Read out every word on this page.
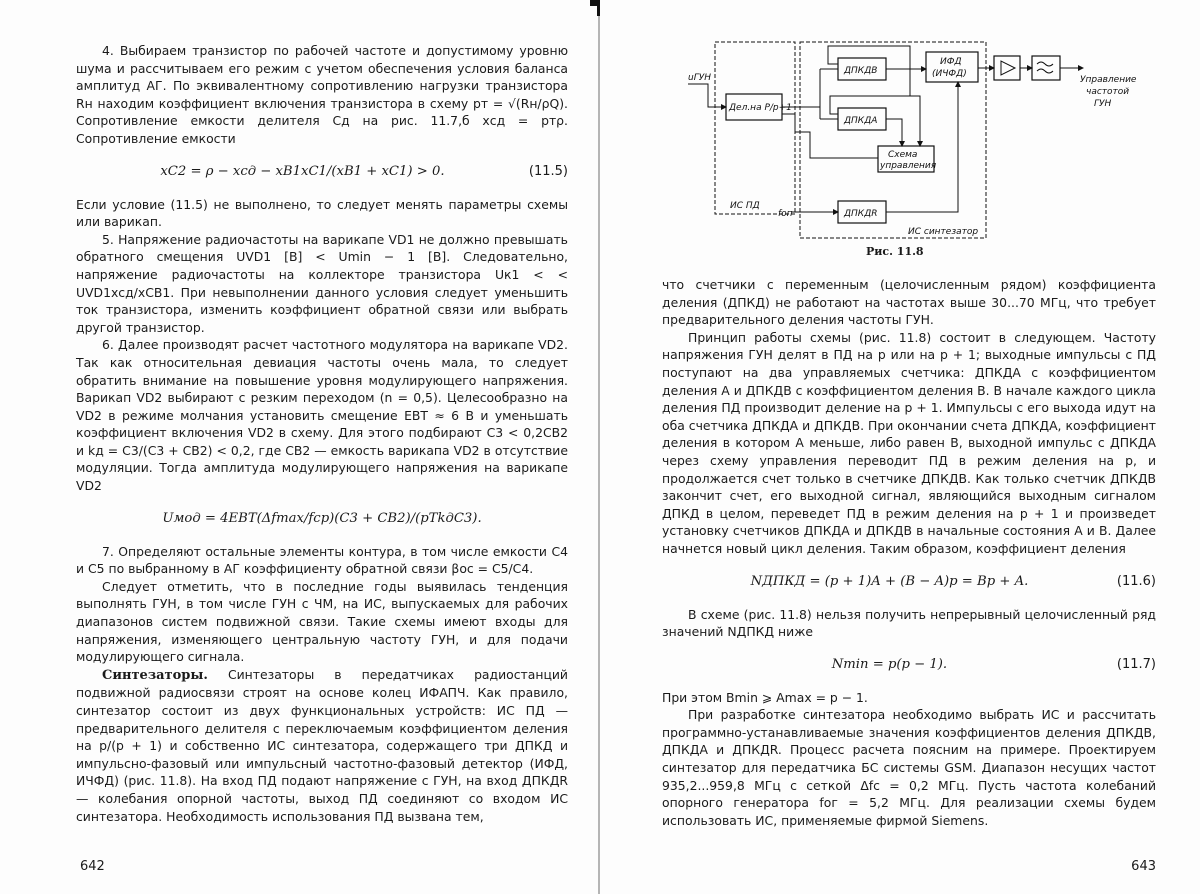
4. Выбираем транзистор по рабочей частоте и допустимому уровню шума и рассчитываем его режим с учетом обеспечения условия баланса амплитуд АГ. По эквивалентному сопротивлению нагрузки транзистора Rн находим коэффициент включения транзистора в схему pт = √(Rн/ρQ). Сопротивление емкости делителя Cд на рис. 11.7,б xсд = pтρ. Сопротивление емкости

xC2 = ρ − xсд − xB1xC1/(xB1 + xC1) > 0.	(11.5)

Если условие (11.5) не выполнено, то следует менять параметры схемы или варикап.

5. Напряжение радиочастоты на варикапе VD1 не должно превышать обратного смещения UVD1 [B] < Umin − 1 [B]. Следовательно, напряжение радиочастоты на коллекторе транзистора Uк1 < < UVD1xсд/xCB1. При невыполнении данного условия следует уменьшить ток транзистора, изменить коэффициент обратной связи или выбрать другой транзистор.

6. Далее производят расчет частотного модулятора на варикапе VD2. Так как относительная девиация частоты очень мала, то следует обратить внимание на повышение уровня модулирующего напряжения. Варикап VD2 выбирают с резким переходом (n = 0,5). Целесообразно на VD2 в режиме молчания установить смещение EВТ ≈ 6 В и уменьшать коэффициент включения VD2 в схему. Для этого подбирают C3 < 0,2CB2 и kд = C3/(C3 + CB2) < 0,2, где CB2 — емкость варикапа VD2 в отсутствие модуляции. Тогда амплитуда модулирующего напряжения на варикапе VD2

Uмод = 4EВТ(Δfmax/fср)(C3 + CB2)/(pТkдC3).

7. Определяют остальные элементы контура, в том числе емкости C4 и C5 по выбранному в АГ коэффициенту обратной связи βос = C5/C4.

Следует отметить, что в последние годы выявилась тенденция выполнять ГУН, в том числе ГУН с ЧМ, на ИС, выпускаемых для рабочих диапазонов систем подвижной связи. Такие схемы имеют входы для напряжения, изменяющего центральную частоту ГУН, и для подачи модулирующего сигнала.

Синтезаторы. Синтезаторы в передатчиках радиостанций подвижной радиосвязи строят на основе колец ИФАПЧ. Как правило, синтезатор состоит из двух функциональных устройств: ИС ПД — предварительного делителя с переключаемым коэффициентом деления на p/(p + 1) и собственно ИС синтезатора, содержащего три ДПКД и импульсно-фазовый или импульсный частотно-фазовый детектор (ИФД, ИЧФД) (рис. 11.8). На вход ПД подают напряжение с ГУН, на вход ДПКДR — колебания опорной частоты, выход ПД соединяют со входом ИС синтезатора. Необходимость использования ПД вызвана тем,

642
Дел.на P/p+1
uГУН
ДПКДB
ДПКДA
ИФД
(ИЧФД)
Схема
управления
ДПКДR
fоп
Управление
частотой
ГУН
ИС ПД
ИС синтезатор
Рис. 11.8

что счетчики с переменным (целочисленным рядом) коэффициента деления (ДПКД) не работают на частотах выше 30...70 МГц, что требует предварительного деления частоты ГУН.

Принцип работы схемы (рис. 11.8) состоит в следующем. Частоту напряжения ГУН делят в ПД на p или на p + 1; выходные импульсы с ПД поступают на два управляемых счетчика: ДПКДA с коэффициентом деления A и ДПКДB с коэффициентом деления B. В начале каждого цикла деления ПД производит деление на p + 1. Импульсы с его выхода идут на оба счетчика ДПКДA и ДПКДB. При окончании счета ДПКДA, коэффициент деления в котором A меньше, либо равен B, выходной импульс с ДПКДA через схему управления переводит ПД в режим деления на p, и продолжается счет только в счетчике ДПКДB. Как только счетчик ДПКДB закончит счет, его выходной сигнал, являющийся выходным сигналом ДПКД в целом, переведет ПД в режим деления на p + 1 и произведет установку счетчиков ДПКДA и ДПКДB в начальные состояния A и B. Далее начнется новый цикл деления. Таким образом, коэффициент деления

NДПКД = (p + 1)A + (B − A)p = Bp + A.	(11.6)

В схеме (рис. 11.8) нельзя получить непрерывный целочисленный ряд значений NДПКД ниже

Nmin = p(p − 1).	(11.7)

При этом Bmin ⩾ Amax = p − 1.

При разработке синтезатора необходимо выбрать ИС и рассчитать программно-устанавливаемые значения коэффициентов деления ДПКДB, ДПКДA и ДПКДR. Процесс расчета поясним на примере. Проектируем синтезатор для передатчика БС системы GSM. Диапазон несущих частот 935,2...959,8 МГц с сеткой Δfc = 0,2 МГц. Пусть частота колебаний опорного генератора fог = 5,2 МГц. Для реализации схемы будем использовать ИС, применяемые фирмой Siemens.

643
